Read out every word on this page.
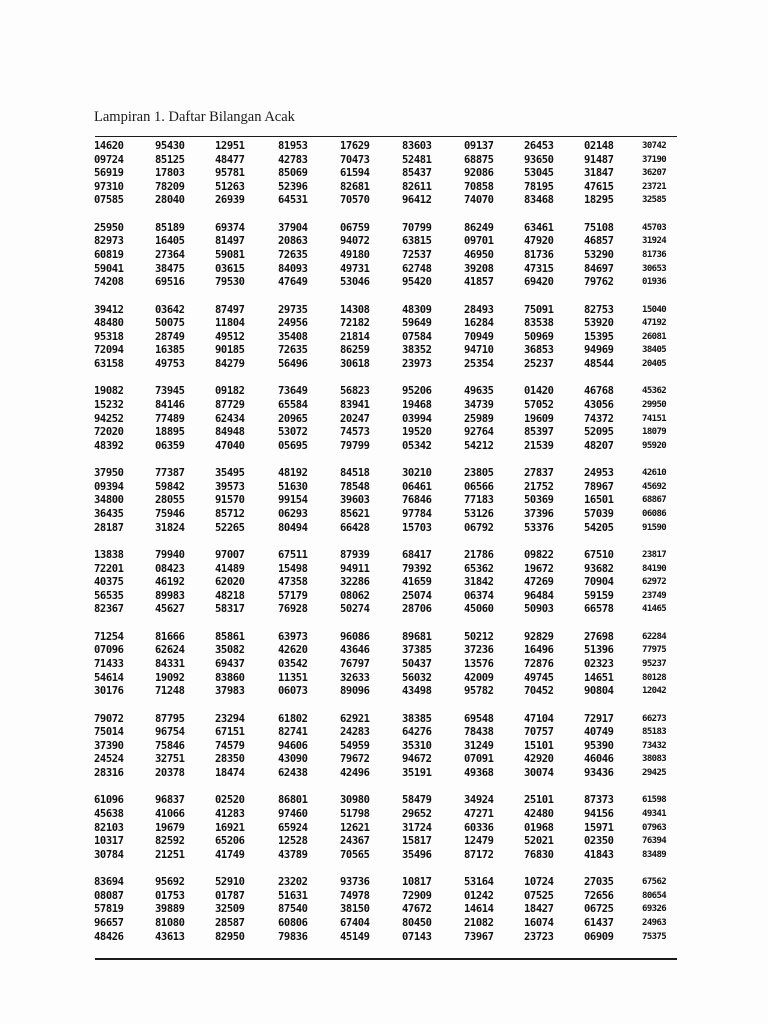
Lampiran 1. Daftar Bilangan Acak
14620	95430	12951	81953	17629	83603	09137	26453	02148	30742
09724	85125	48477	42783	70473	52481	68875	93650	91487	37190
56919	17803	95781	85069	61594	85437	92086	53045	31847	36207
97310	78209	51263	52396	82681	82611	70858	78195	47615	23721
07585	28040	26939	64531	70570	96412	74070	83468	18295	32585
25950	85189	69374	37904	06759	70799	86249	63461	75108	45703
82973	16405	81497	20863	94072	63815	09701	47920	46857	31924
60819	27364	59081	72635	49180	72537	46950	81736	53290	81736
59041	38475	03615	84093	49731	62748	39208	47315	84697	30653
74208	69516	79530	47649	53046	95420	41857	69420	79762	01936
39412	03642	87497	29735	14308	48309	28493	75091	82753	15040
48480	50075	11804	24956	72182	59649	16284	83538	53920	47192
95318	28749	49512	35408	21814	07584	70949	50969	15395	26081
72094	16385	90185	72635	86259	38352	94710	36853	94969	38405
63158	49753	84279	56496	30618	23973	25354	25237	48544	20405
19082	73945	09182	73649	56823	95206	49635	01420	46768	45362
15232	84146	87729	65584	83941	19468	34739	57052	43056	29950
94252	77489	62434	20965	20247	03994	25989	19609	74372	74151
72020	18895	84948	53072	74573	19520	92764	85397	52095	18079
48392	06359	47040	05695	79799	05342	54212	21539	48207	95920
37950	77387	35495	48192	84518	30210	23805	27837	24953	42610
09394	59842	39573	51630	78548	06461	06566	21752	78967	45692
34800	28055	91570	99154	39603	76846	77183	50369	16501	68867
36435	75946	85712	06293	85621	97784	53126	37396	57039	06086
28187	31824	52265	80494	66428	15703	06792	53376	54205	91590
13838	79940	97007	67511	87939	68417	21786	09822	67510	23817
72201	08423	41489	15498	94911	79392	65362	19672	93682	84190
40375	46192	62020	47358	32286	41659	31842	47269	70904	62972
56535	89983	48218	57179	08062	25074	06374	96484	59159	23749
82367	45627	58317	76928	50274	28706	45060	50903	66578	41465
71254	81666	85861	63973	96086	89681	50212	92829	27698	62284
07096	62624	35082	42620	43646	37385	37236	16496	51396	77975
71433	84331	69437	03542	76797	50437	13576	72876	02323	95237
54614	19092	83860	11351	32633	56032	42009	49745	14651	80128
30176	71248	37983	06073	89096	43498	95782	70452	90804	12042
79072	87795	23294	61802	62921	38385	69548	47104	72917	66273
75014	96754	67151	82741	24283	64276	78438	70757	40749	85183
37390	75846	74579	94606	54959	35310	31249	15101	95390	73432
24524	32751	28350	43090	79672	94672	07091	42920	46046	38083
28316	20378	18474	62438	42496	35191	49368	30074	93436	29425
61096	96837	02520	86801	30980	58479	34924	25101	87373	61598
45638	41066	41283	97460	51798	29652	47271	42480	94156	49341
82103	19679	16921	65924	12621	31724	60336	01968	15971	07963
10317	82592	65206	12528	24367	15817	12479	52021	02350	76394
30784	21251	41749	43789	70565	35496	87172	76830	41843	83489
83694	95692	52910	23202	93736	10817	53164	10724	27035	67562
08087	01753	01787	51631	74978	72909	01242	07525	72656	80654
57819	39889	32509	87540	38150	47672	14614	18427	06725	69326
96657	81080	28587	60806	67404	80450	21082	16074	61437	24963
48426	43613	82950	79836	45149	07143	73967	23723	06909	75375
